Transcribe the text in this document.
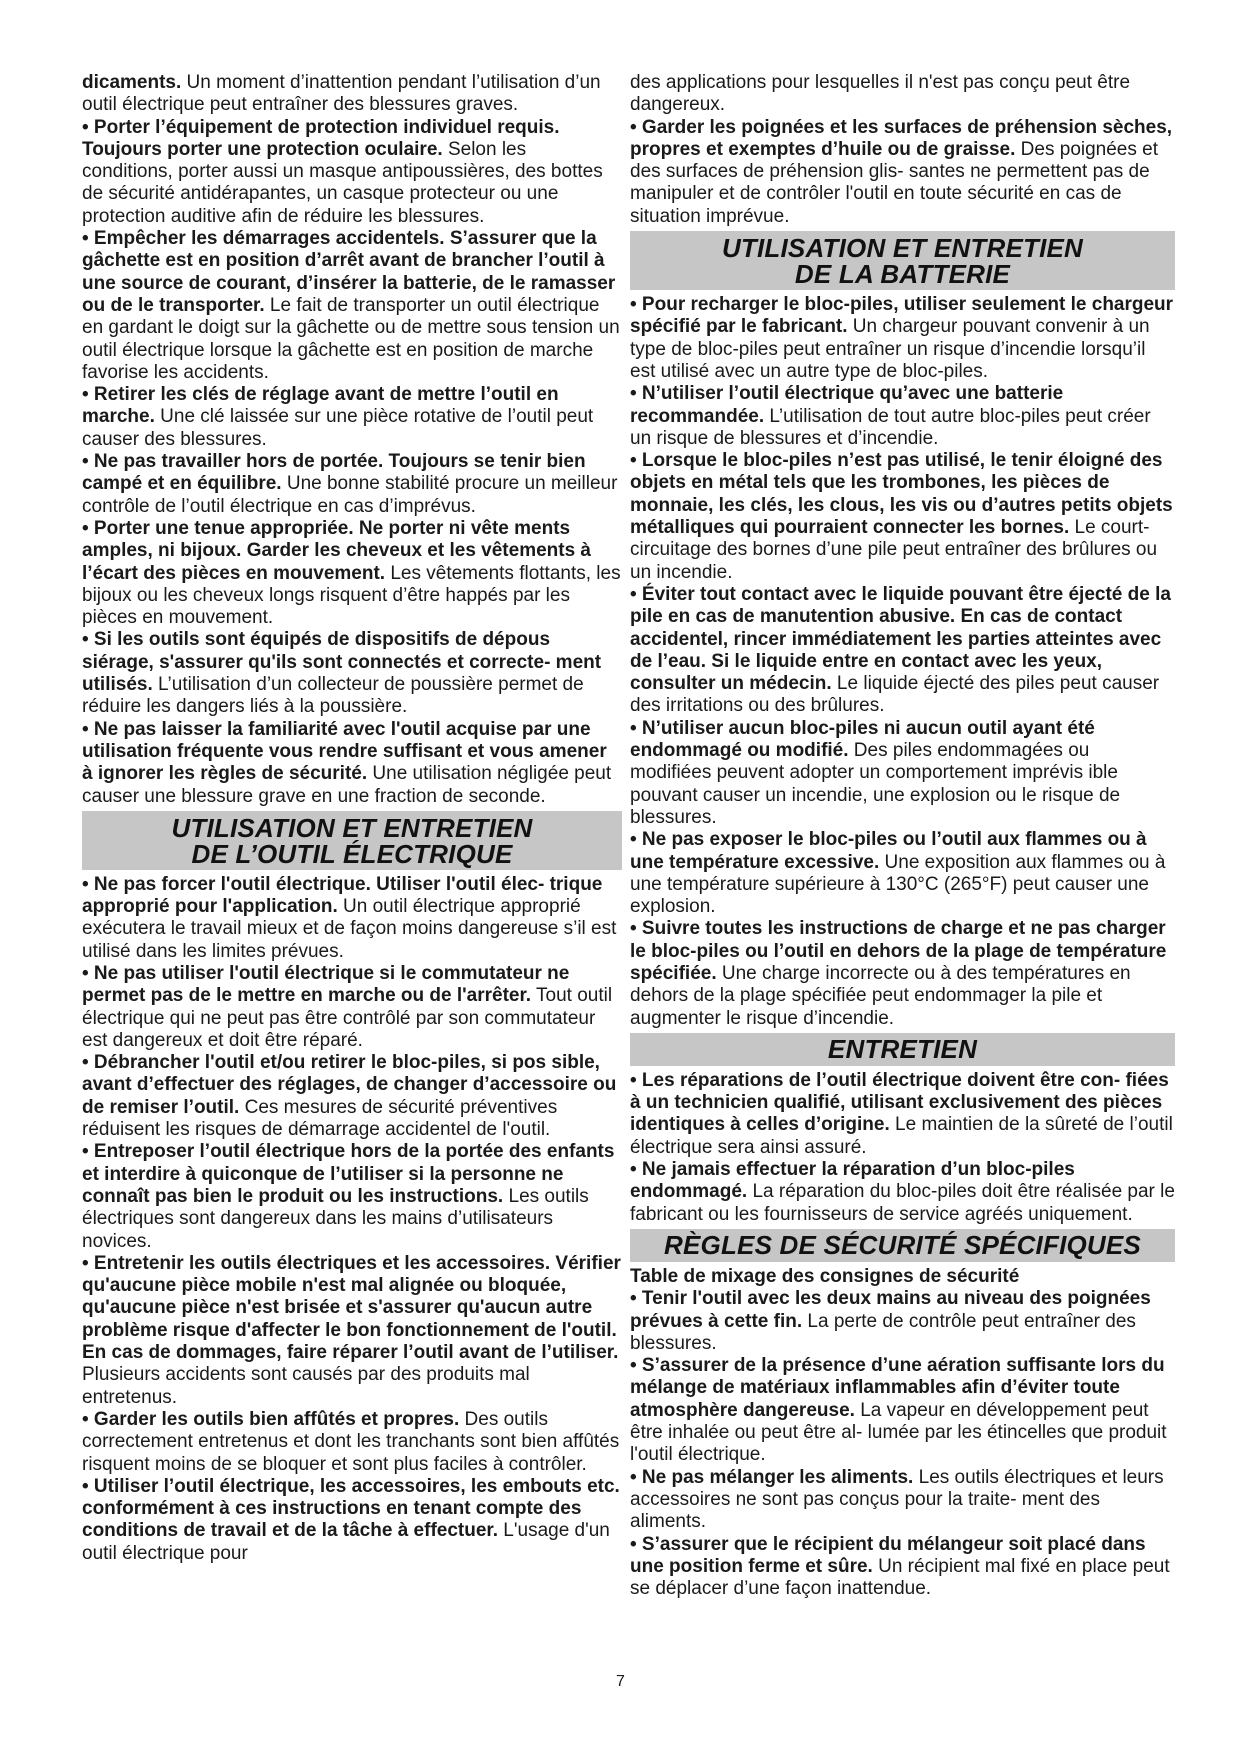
dicaments. Un moment d’inattention pendant l’utilisation d’un outil électrique peut entraîner des blessures graves.

• Porter l’équipement de protection individuel requis. Toujours porter une protection oculaire. Selon les conditions, porter aussi un masque antipoussières, des bottes de sécurité antidérapantes, un casque protecteur ou une protection auditive afin de réduire les blessures.

• Empêcher les démarrages accidentels. S’assurer que la gâchette est en position d’arrêt avant de brancher l’outil à une source de courant, d’insérer la batterie, de le ramasser ou de le transporter. Le fait de transporter un outil électrique en gardant le doigt sur la gâchette ou de mettre sous tension un outil électrique lorsque la gâchette est en position de marche favorise les accidents.

• Retirer les clés de réglage avant de mettre l’outil en marche. Une clé laissée sur une pièce rotative de l’outil peut causer des blessures.

• Ne pas travailler hors de portée. Toujours se tenir bien campé et en équilibre. Une bonne stabilité procure un meilleur contrôle de l’outil électrique en cas d’imprévus.

• Porter une tenue appropriée. Ne porter ni vête ments amples, ni bijoux. Garder les cheveux et les vêtements à l’écart des pièces en mouvement. Les vêtements flottants, les bijoux ou les cheveux longs risquent d’être happés par les pièces en mouvement.

• Si les outils sont équipés de dispositifs de dépous siérage, s'assurer qu'ils sont connectés et correcte- ment utilisés. L’utilisation d’un collecteur de poussière permet de réduire les dangers liés à la poussière.

• Ne pas laisser la familiarité avec l'outil acquise par une utilisation fréquente vous rendre suffisant et vous amener à ignorer les règles de sécurité. Une utilisation négligée peut causer une blessure grave en une fraction de seconde.

UTILISATION ET ENTRETIEN
DE L’OUTIL ÉLECTRIQUE

• Ne pas forcer l'outil électrique. Utiliser l'outil élec- trique approprié pour l'application. Un outil électrique approprié exécutera le travail mieux et de façon moins dangereuse s’il est utilisé dans les limites prévues.

• Ne pas utiliser l'outil électrique si le commutateur ne permet pas de le mettre en marche ou de l'arrêter. Tout outil électrique qui ne peut pas être contrôlé par son commutateur est dangereux et doit être réparé.

• Débrancher l'outil et/ou retirer le bloc-piles, si pos sible, avant d’effectuer des réglages, de changer d’accessoire ou de remiser l’outil. Ces mesures de sécurité préventives réduisent les risques de démarrage accidentel de l'outil.

• Entreposer l’outil électrique hors de la portée des enfants et interdire à quiconque de l’utiliser si la personne ne connaît pas bien le produit ou les instructions. Les outils électriques sont dangereux dans les mains d’utilisateurs novices.

• Entretenir les outils électriques et les accessoires. Vérifier qu'aucune pièce mobile n'est mal alignée ou bloquée, qu'aucune pièce n'est brisée et s'assurer qu'aucun autre problème risque d'affecter le bon fonctionnement de l'outil. En cas de dommages, faire réparer l’outil avant de l’utiliser. Plusieurs accidents sont causés par des produits mal entretenus.

• Garder les outils bien affûtés et propres. Des outils correctement entretenus et dont les tranchants sont bien affûtés risquent moins de se bloquer et sont plus faciles à contrôler.

• Utiliser l’outil électrique, les accessoires, les embouts etc. conformément à ces instructions en tenant compte des conditions de travail et de la tâche à effectuer. L'usage d'un outil électrique pour

des applications pour lesquelles il n'est pas conçu peut être dangereux.

• Garder les poignées et les surfaces de préhension sèches, propres et exemptes d’huile ou de graisse. Des poignées et des surfaces de préhension glis- santes ne permettent pas de manipuler et de contrôler l'outil en toute sécurité en cas de situation imprévue.

UTILISATION ET ENTRETIEN
DE LA BATTERIE

• Pour recharger le bloc-piles, utiliser seulement le chargeur spécifié par le fabricant. Un chargeur pouvant convenir à un type de bloc-piles peut entraîner un risque d’incendie lorsqu’il est utilisé avec un autre type de bloc-piles.

• N’utiliser l’outil électrique qu’avec une batterie recommandée. L’utilisation de tout autre bloc-piles peut créer un risque de blessures et d’incendie.

• Lorsque le bloc-piles n’est pas utilisé, le tenir éloigné des objets en métal tels que les trombones, les pièces de monnaie, les clés, les clous, les vis ou d’autres petits objets métalliques qui pourraient connecter les bornes. Le court-circuitage des bornes d’une pile peut entraîner des brûlures ou un incendie.

• Éviter tout contact avec le liquide pouvant être éjecté de la pile en cas de manutention abusive. En cas de contact accidentel, rincer immédiatement les parties atteintes avec de l’eau. Si le liquide entre en contact avec les yeux, consulter un médecin. Le liquide éjecté des piles peut causer des irritations ou des brûlures.

• N’utiliser aucun bloc-piles ni aucun outil ayant été endommagé ou modifié. Des piles endommagées ou modifiées peuvent adopter un comportement imprévis ible pouvant causer un incendie, une explosion ou le risque de blessures.

• Ne pas exposer le bloc-piles ou l’outil aux flammes ou à une température excessive. Une exposition aux flammes ou à une température supérieure à 130°C (265°F) peut causer une explosion.

• Suivre toutes les instructions de charge et ne pas charger le bloc-piles ou l’outil en dehors de la plage de température spécifiée. Une charge incorrecte ou à des températures en dehors de la plage spécifiée peut endommager la pile et augmenter le risque d’incendie.

ENTRETIEN

• Les réparations de l’outil électrique doivent être con- fiées à un technicien qualifié, utilisant exclusivement des pièces identiques à celles d’origine. Le maintien de la sûreté de l’outil électrique sera ainsi assuré.

• Ne jamais effectuer la réparation d’un bloc-piles endommagé. La réparation du bloc-piles doit être réalisée par le fabricant ou les fournisseurs de service agréés uniquement.

RÈGLES DE SÉCURITÉ SPÉCIFIQUES

Table de mixage des consignes de sécurité

• Tenir l'outil avec les deux mains au niveau des poignées prévues à cette fin. La perte de contrôle peut entraîner des blessures.

• S’assurer de la présence d’une aération suffisante lors du mélange de matériaux inflammables afin d’éviter toute atmosphère dangereuse. La vapeur en développement peut être inhalée ou peut être al- lumée par les étincelles que produit l'outil électrique.

• Ne pas mélanger les aliments. Les outils électriques et leurs accessoires ne sont pas conçus pour la traite- ment des aliments.

• S’assurer que le récipient du mélangeur soit placé dans une position ferme et sûre. Un récipient mal fixé en place peut se déplacer d’une façon inattendue.

7
